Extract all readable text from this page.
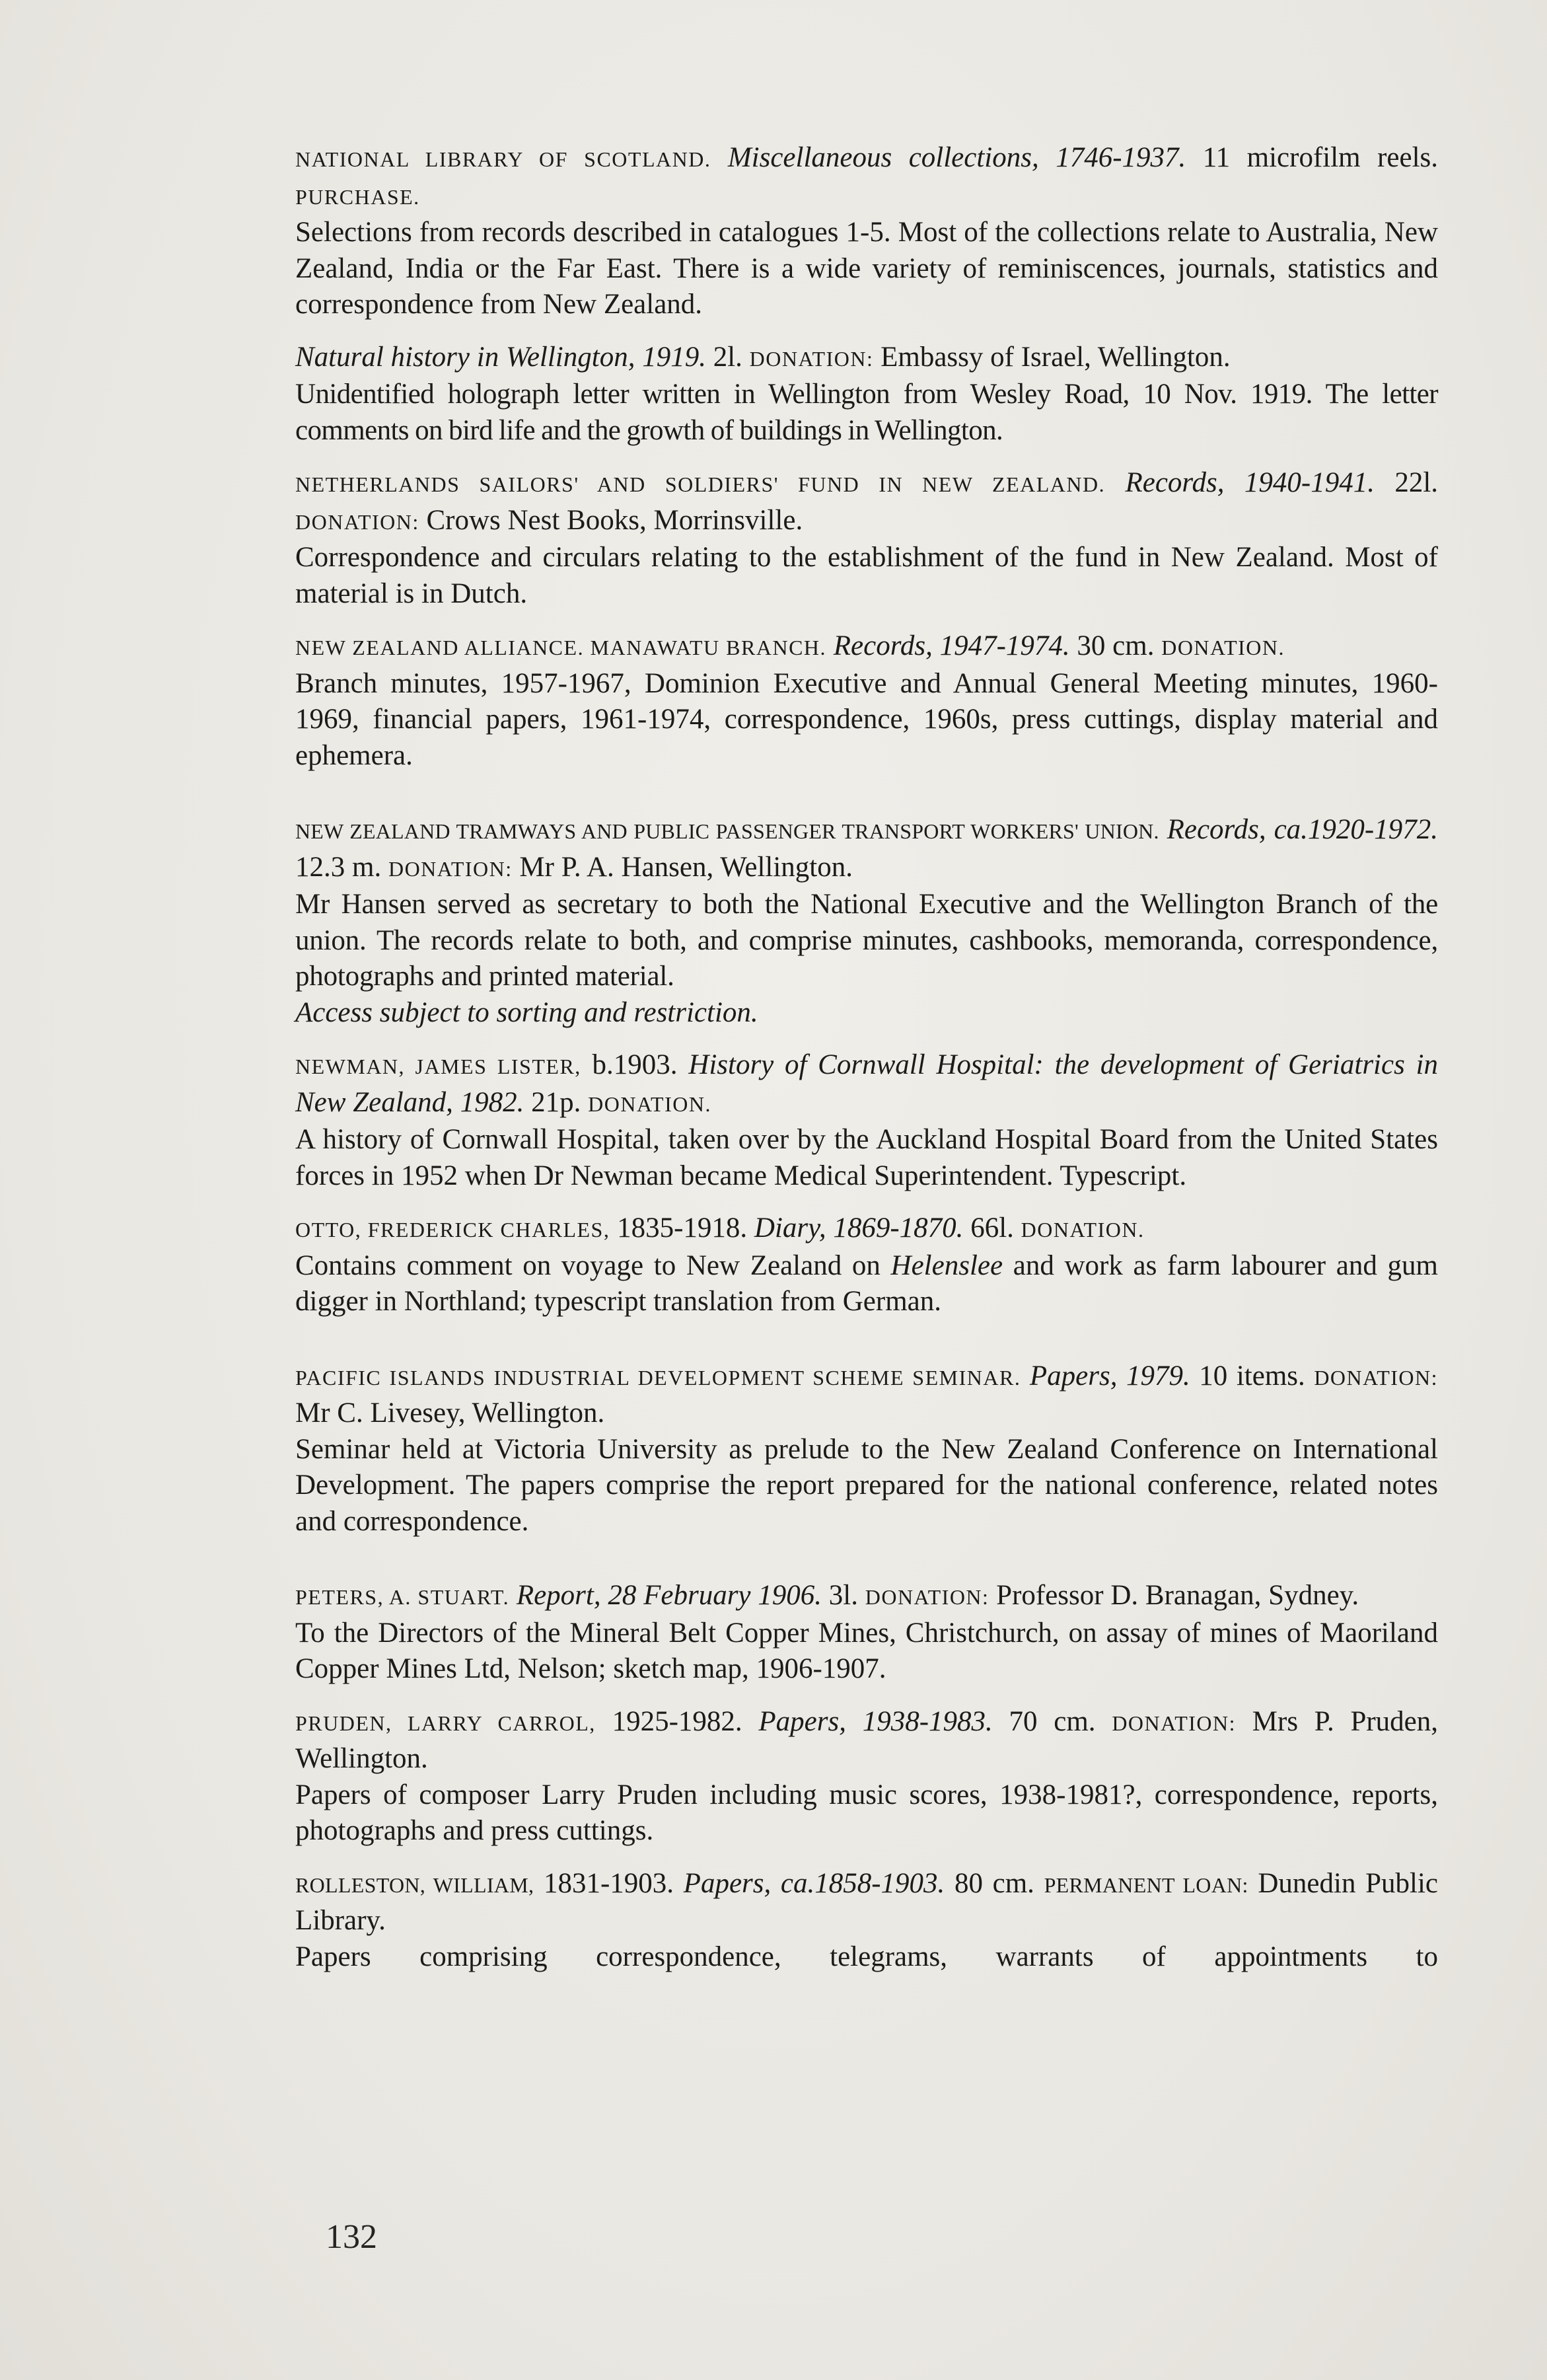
NATIONAL LIBRARY OF SCOTLAND. Miscellaneous collections, 1746-1937. 11 microfilm reels. PURCHASE.

Selections from records described in catalogues 1-5. Most of the collections relate to Australia, New Zealand, India or the Far East. There is a wide variety of reminiscences, journals, statistics and correspondence from New Zealand.

Natural history in Wellington, 1919. 2l. DONATION: Embassy of Israel, Wellington.

Unidentified holograph letter written in Wellington from Wesley Road, 10 Nov. 1919. The letter comments on bird life and the growth of buildings in Wellington.

NETHERLANDS SAILORS' AND SOLDIERS' FUND IN NEW ZEALAND. Records, 1940-1941. 22l. DONATION: Crows Nest Books, Morrinsville.

Correspondence and circulars relating to the establishment of the fund in New Zealand. Most of material is in Dutch.

NEW ZEALAND ALLIANCE. MANAWATU BRANCH. Records, 1947-1974. 30 cm. DONATION.

Branch minutes, 1957-1967, Dominion Executive and Annual General Meeting minutes, 1960-1969, financial papers, 1961-1974, correspondence, 1960s, press cuttings, display material and ephemera.

NEW ZEALAND TRAMWAYS AND PUBLIC PASSENGER TRANSPORT WORKERS' UNION. Records, ca.1920-1972. 12.3 m. DONATION: Mr P. A. Hansen, Wellington.

Mr Hansen served as secretary to both the National Executive and the Wellington Branch of the union. The records relate to both, and comprise minutes, cashbooks, memoranda, correspondence, photographs and printed material.

Access subject to sorting and restriction.

NEWMAN, JAMES LISTER, b.1903. History of Cornwall Hospital: the development of Geriatrics in New Zealand, 1982. 21p. DONATION.

A history of Cornwall Hospital, taken over by the Auckland Hospital Board from the United States forces in 1952 when Dr Newman became Medical Superintendent. Typescript.

OTTO, FREDERICK CHARLES, 1835-1918. Diary, 1869-1870. 66l. DONATION.

Contains comment on voyage to New Zealand on Helenslee and work as farm labourer and gum digger in Northland; typescript translation from German.

PACIFIC ISLANDS INDUSTRIAL DEVELOPMENT SCHEME SEMINAR. Papers, 1979. 10 items. DONATION: Mr C. Livesey, Wellington.

Seminar held at Victoria University as prelude to the New Zealand Conference on International Development. The papers comprise the report prepared for the national conference, related notes and correspondence.

PETERS, A. STUART. Report, 28 February 1906. 3l. DONATION: Professor D. Branagan, Sydney.

To the Directors of the Mineral Belt Copper Mines, Christchurch, on assay of mines of Maoriland Copper Mines Ltd, Nelson; sketch map, 1906-1907.

PRUDEN, LARRY CARROL, 1925-1982. Papers, 1938-1983. 70 cm. DONATION: Mrs P. Pruden, Wellington.

Papers of composer Larry Pruden including music scores, 1938-1981?, correspondence, reports, photographs and press cuttings.

ROLLESTON, WILLIAM, 1831-1903. Papers, ca.1858-1903. 80 cm. PERMANENT LOAN: Dunedin Public Library.

Papers comprising correspondence, telegrams, warrants of appointments to

132
